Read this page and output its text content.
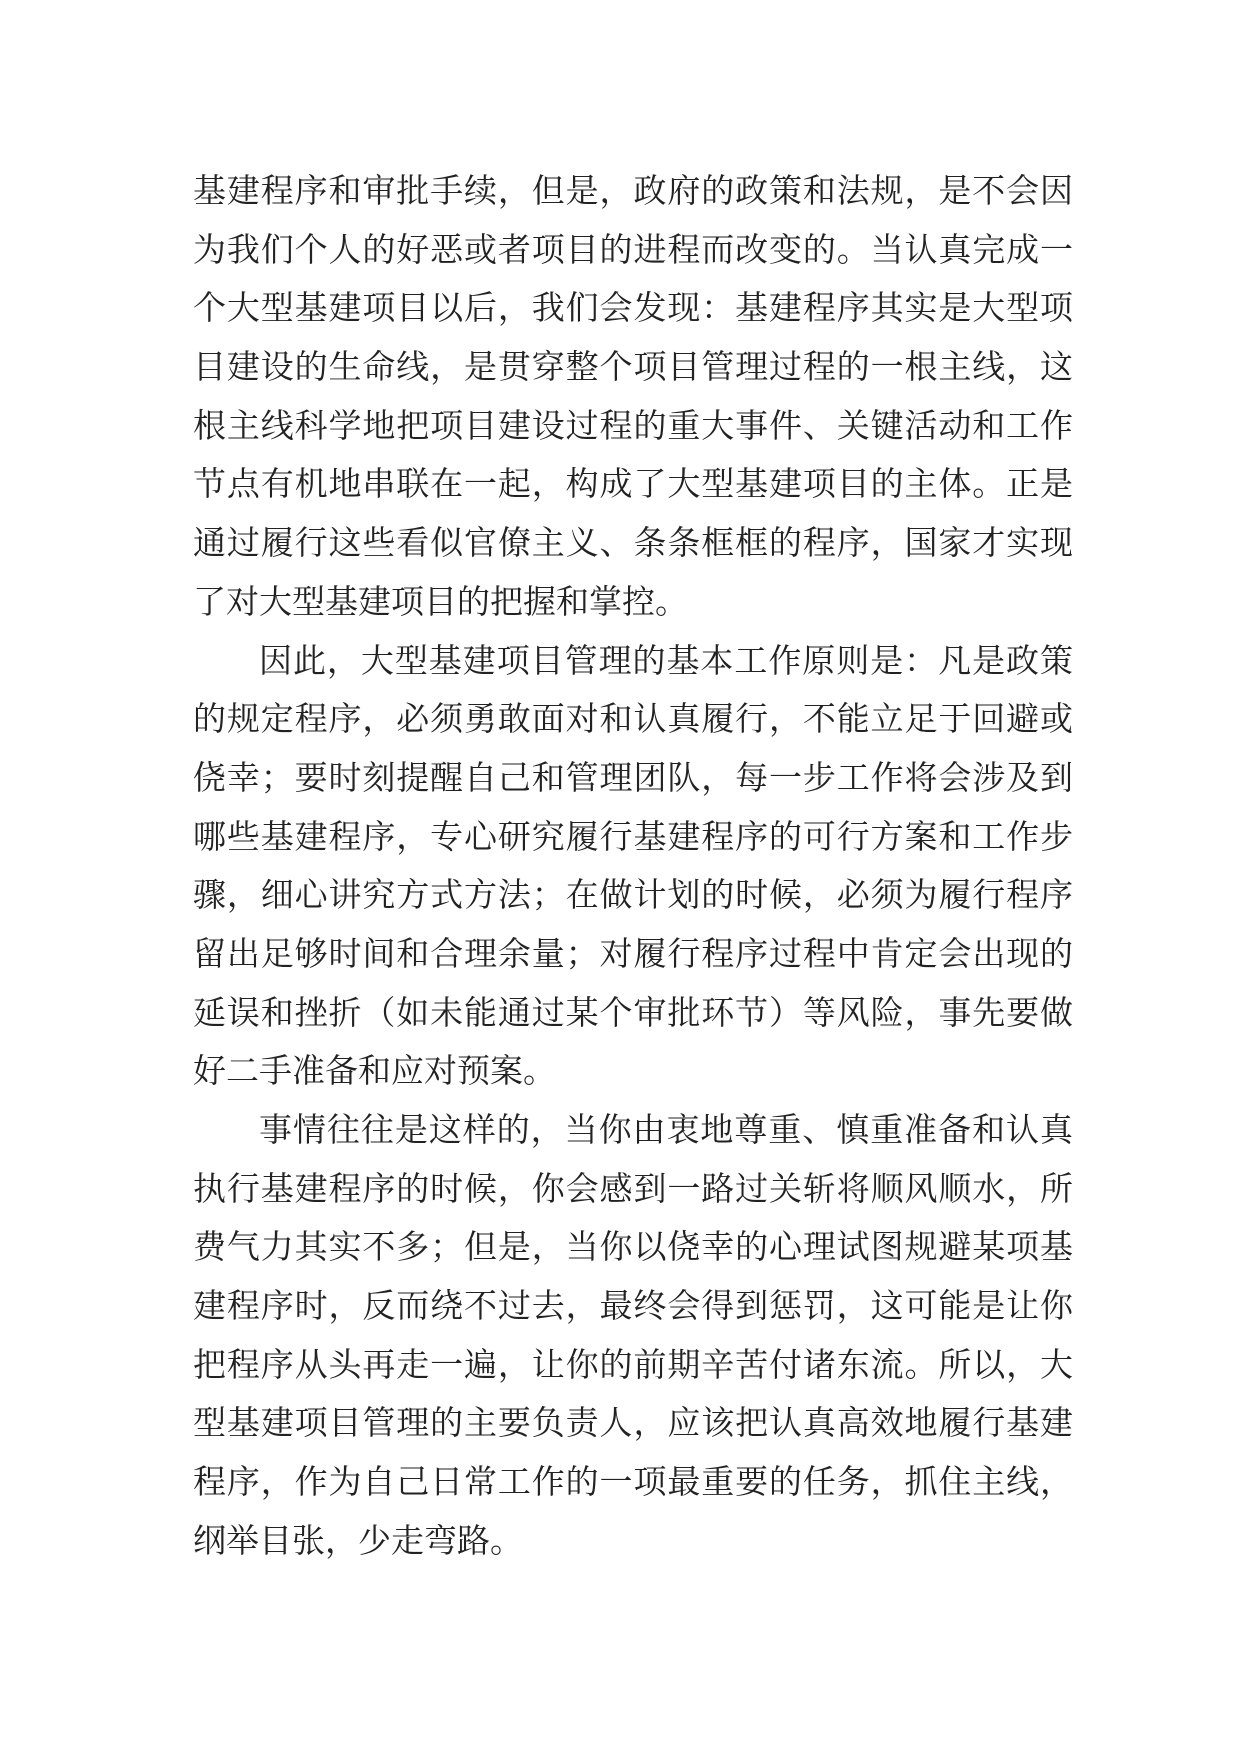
基建程序和审批手续，但是，政府的政策和法规，是不会因
为我们个人的好恶或者项目的进程而改变的。当认真完成一
个大型基建项目以后，我们会发现：基建程序其实是大型项
目建设的生命线，是贯穿整个项目管理过程的一根主线，这
根主线科学地把项目建设过程的重大事件、关键活动和工作
节点有机地串联在一起，构成了大型基建项目的主体。正是
通过履行这些看似官僚主义、条条框框的程序，国家才实现
了对大型基建项目的把握和掌控。
因此，大型基建项目管理的基本工作原则是：凡是政策
的规定程序，必须勇敢面对和认真履行，不能立足于回避或
侥幸；要时刻提醒自己和管理团队，每一步工作将会涉及到
哪些基建程序，专心研究履行基建程序的可行方案和工作步
骤，细心讲究方式方法；在做计划的时候，必须为履行程序
留出足够时间和合理余量；对履行程序过程中肯定会出现的
延误和挫折（如未能通过某个审批环节）等风险，事先要做
好二手准备和应对预案。
事情往往是这样的，当你由衷地尊重、慎重准备和认真
执行基建程序的时候，你会感到一路过关斩将顺风顺水，所
费气力其实不多；但是，当你以侥幸的心理试图规避某项基
建程序时，反而绕不过去，最终会得到惩罚，这可能是让你
把程序从头再走一遍，让你的前期辛苦付诸东流。所以，大
型基建项目管理的主要负责人，应该把认真高效地履行基建
程序，作为自己日常工作的一项最重要的任务，抓住主线，
纲举目张，少走弯路。
